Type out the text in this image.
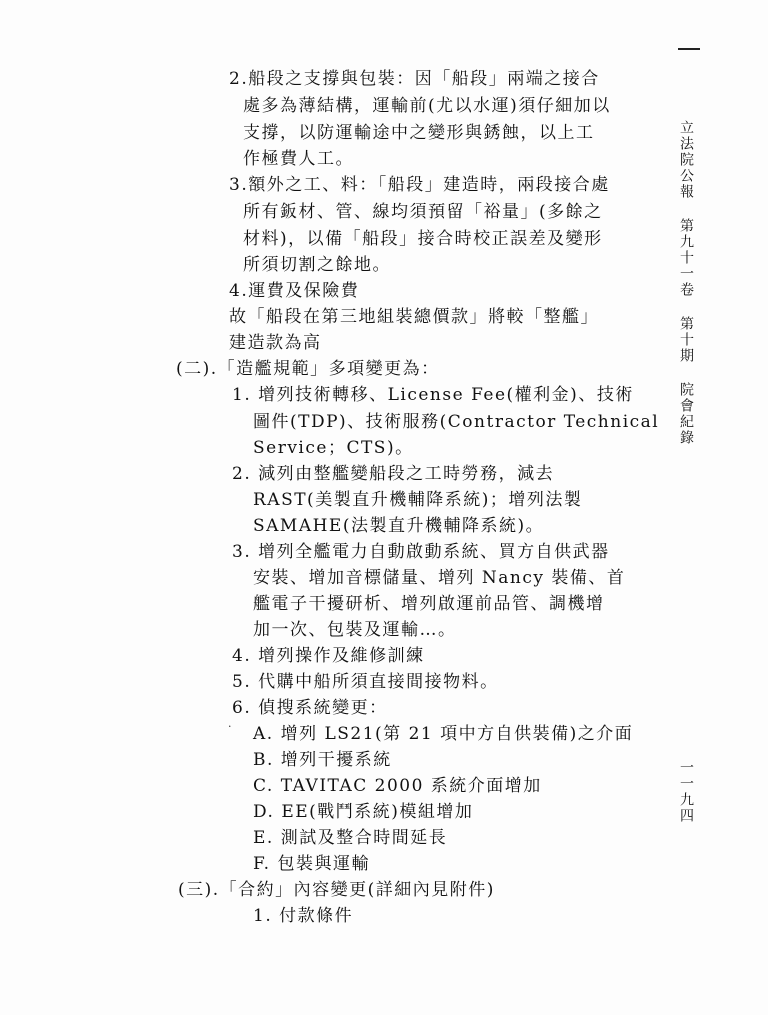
立法院公報 第九十一卷 第十期 院會紀錄
一一九四
2.船段之支撐與包裝：因「船段」兩端之接合
處多為薄結構，運輸前(尤以水運)須仔細加以
支撐，以防運輸途中之變形與銹蝕，以上工
作極費人工。
3.額外之工、料：「船段」建造時，兩段接合處
所有鈑材、管、線均須預留「裕量」(多餘之
材料)，以備「船段」接合時校正誤差及變形
所須切割之餘地。
4.運費及保險費
故「船段在第三地組裝總價款」將較「整艦」
建造款為高
(二).「造艦規範」多項變更為：
1. 增列技術轉移、License Fee(權利金)、技術
圖件(TDP)、技術服務(Contractor Technical
Service；CTS)。
2. 減列由整艦變船段之工時勞務，減去
RAST(美製直升機輔降系統)；增列法製
SAMAHE(法製直升機輔降系統)。
3. 增列全艦電力自動啟動系統、買方自供武器
安裝、增加音標儲量、增列 Nancy 裝備、首
艦電子干擾研析、增列啟運前品管、調機增
加一次、包裝及運輸…。
4. 增列操作及維修訓練
5. 代購中船所須直接間接物料。
6. 偵搜系統變更：
A. 增列 LS21(第 21 項中方自供裝備)之介面
B. 增列干擾系統
C. TAVITAC 2000 系統介面增加
D. EE(戰鬥系統)模組增加
E. 測試及整合時間延長
F. 包裝與運輸
(三).「合約」內容變更(詳細內見附件)
1. 付款條件
·
